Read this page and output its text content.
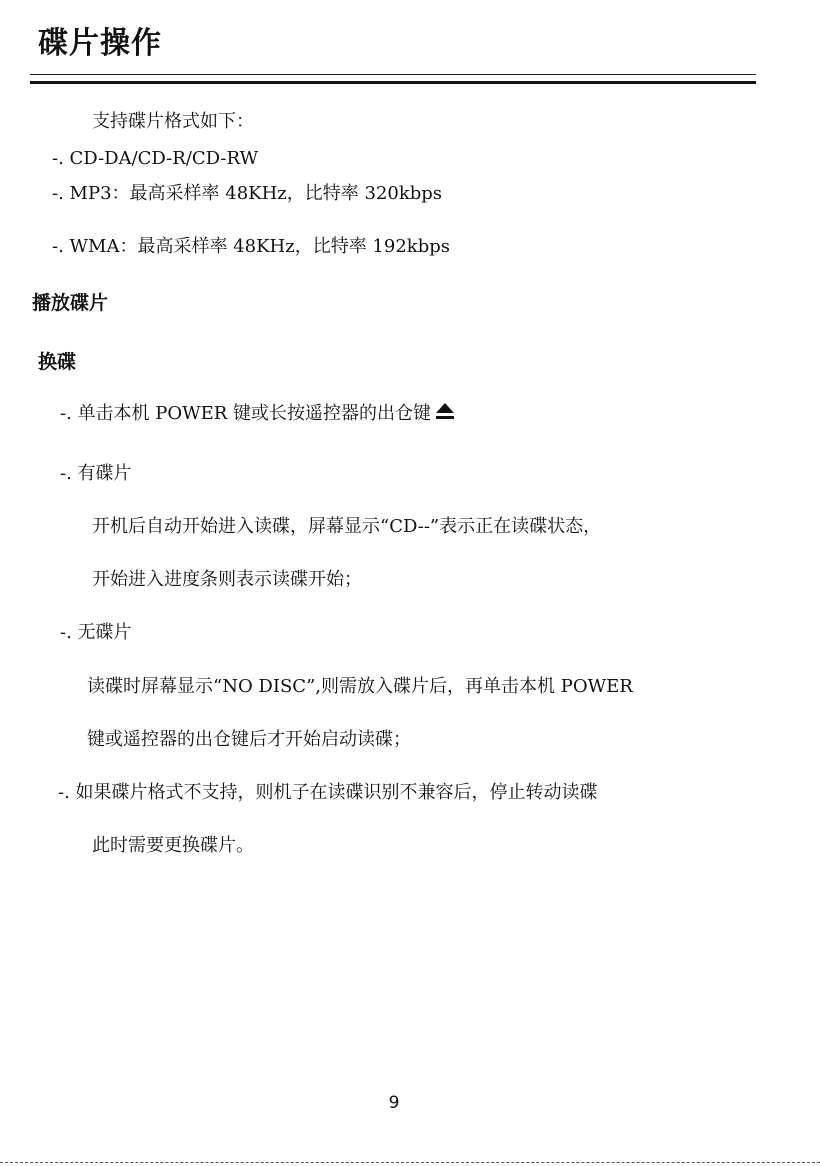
碟片操作
支持碟片格式如下：
-. CD-DA/CD-R/CD-RW
-. MP3：最高采样率 48KHz，比特率 320kbps
-. WMA：最高采样率 48KHz，比特率 192kbps
播放碟片
换碟
-. 单击本机 POWER 键或长按遥控器的出仓键
-. 有碟片
开机后自动开始进入读碟，屏幕显示“CD--”表示正在读碟状态，
开始进入进度条则表示读碟开始；
-. 无碟片
读碟时屏幕显示“NO DISC”,则需放入碟片后，再单击本机 POWER
键或遥控器的出仓键后才开始启动读碟；
-. 如果碟片格式不支持，则机子在读碟识别不兼容后，停止转动读碟
此时需要更换碟片。
9
